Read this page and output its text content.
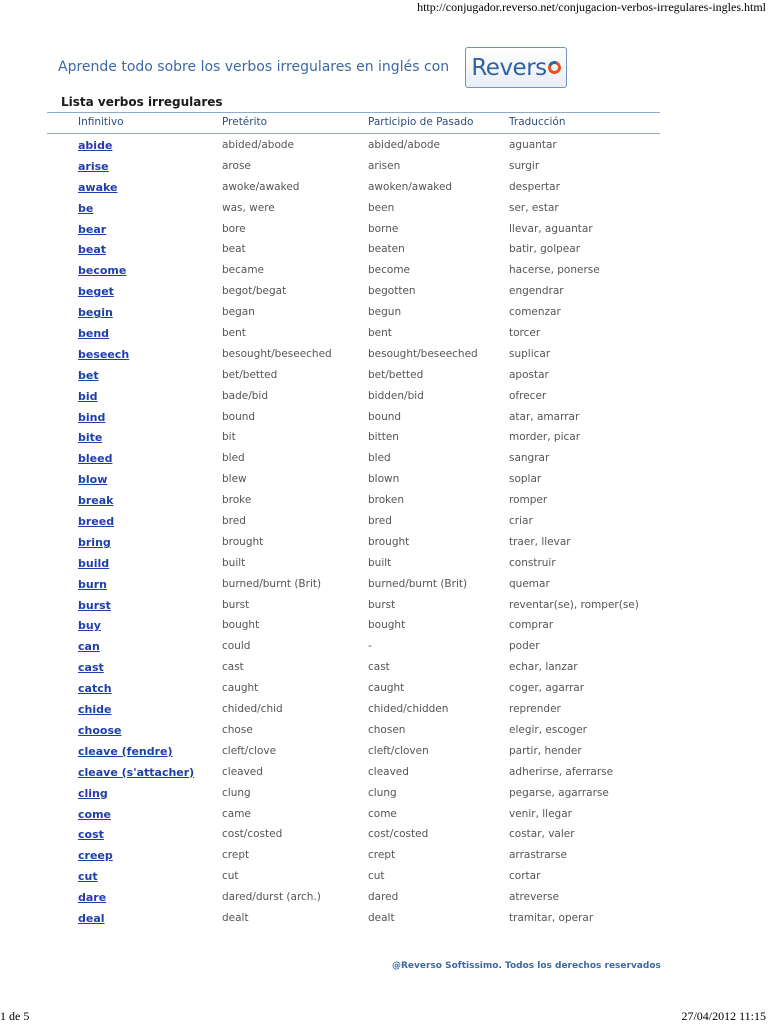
http://conjugador.reverso.net/conjugacion-verbos-irregulares-ingles.html
Aprende todo sobre los verbos irregulares en inglés con Revers
Lista verbos irregulares
Infinitivo	Pretérito	Participio de Pasado	Traducción
abide	abided/abode	abided/abode	aguantar
arise	arose	arisen	surgir
awake	awoke/awaked	awoken/awaked	despertar
be	was, were	been	ser, estar
bear	bore	borne	llevar, aguantar
beat	beat	beaten	batir, golpear
become	became	become	hacerse, ponerse
beget	begot/begat	begotten	engendrar
begin	began	begun	comenzar
bend	bent	bent	torcer
beseech	besought/beseeched	besought/beseeched	suplicar
bet	bet/betted	bet/betted	apostar
bid	bade/bid	bidden/bid	ofrecer
bind	bound	bound	atar, amarrar
bite	bit	bitten	morder, picar
bleed	bled	bled	sangrar
blow	blew	blown	soplar
break	broke	broken	romper
breed	bred	bred	criar
bring	brought	brought	traer, llevar
build	built	built	construir
burn	burned/burnt (Brit)	burned/burnt (Brit)	quemar
burst	burst	burst	reventar(se), romper(se)
buy	bought	bought	comprar
can	could	-	poder
cast	cast	cast	echar, lanzar
catch	caught	caught	coger, agarrar
chide	chided/chid	chided/chidden	reprender
choose	chose	chosen	elegir, escoger
cleave (fendre)	cleft/clove	cleft/cloven	partir, hender
cleave (s'attacher)	cleaved	cleaved	adherirse, aferrarse
cling	clung	clung	pegarse, agarrarse
come	came	come	venir, llegar
cost	cost/costed	cost/costed	costar, valer
creep	crept	crept	arrastrarse
cut	cut	cut	cortar
dare	dared/durst (arch.)	dared	atreverse
deal	dealt	dealt	tramitar, operar
@Reverso Softissimo. Todos los derechos reservados
1 de 5	27/04/2012 11:15
